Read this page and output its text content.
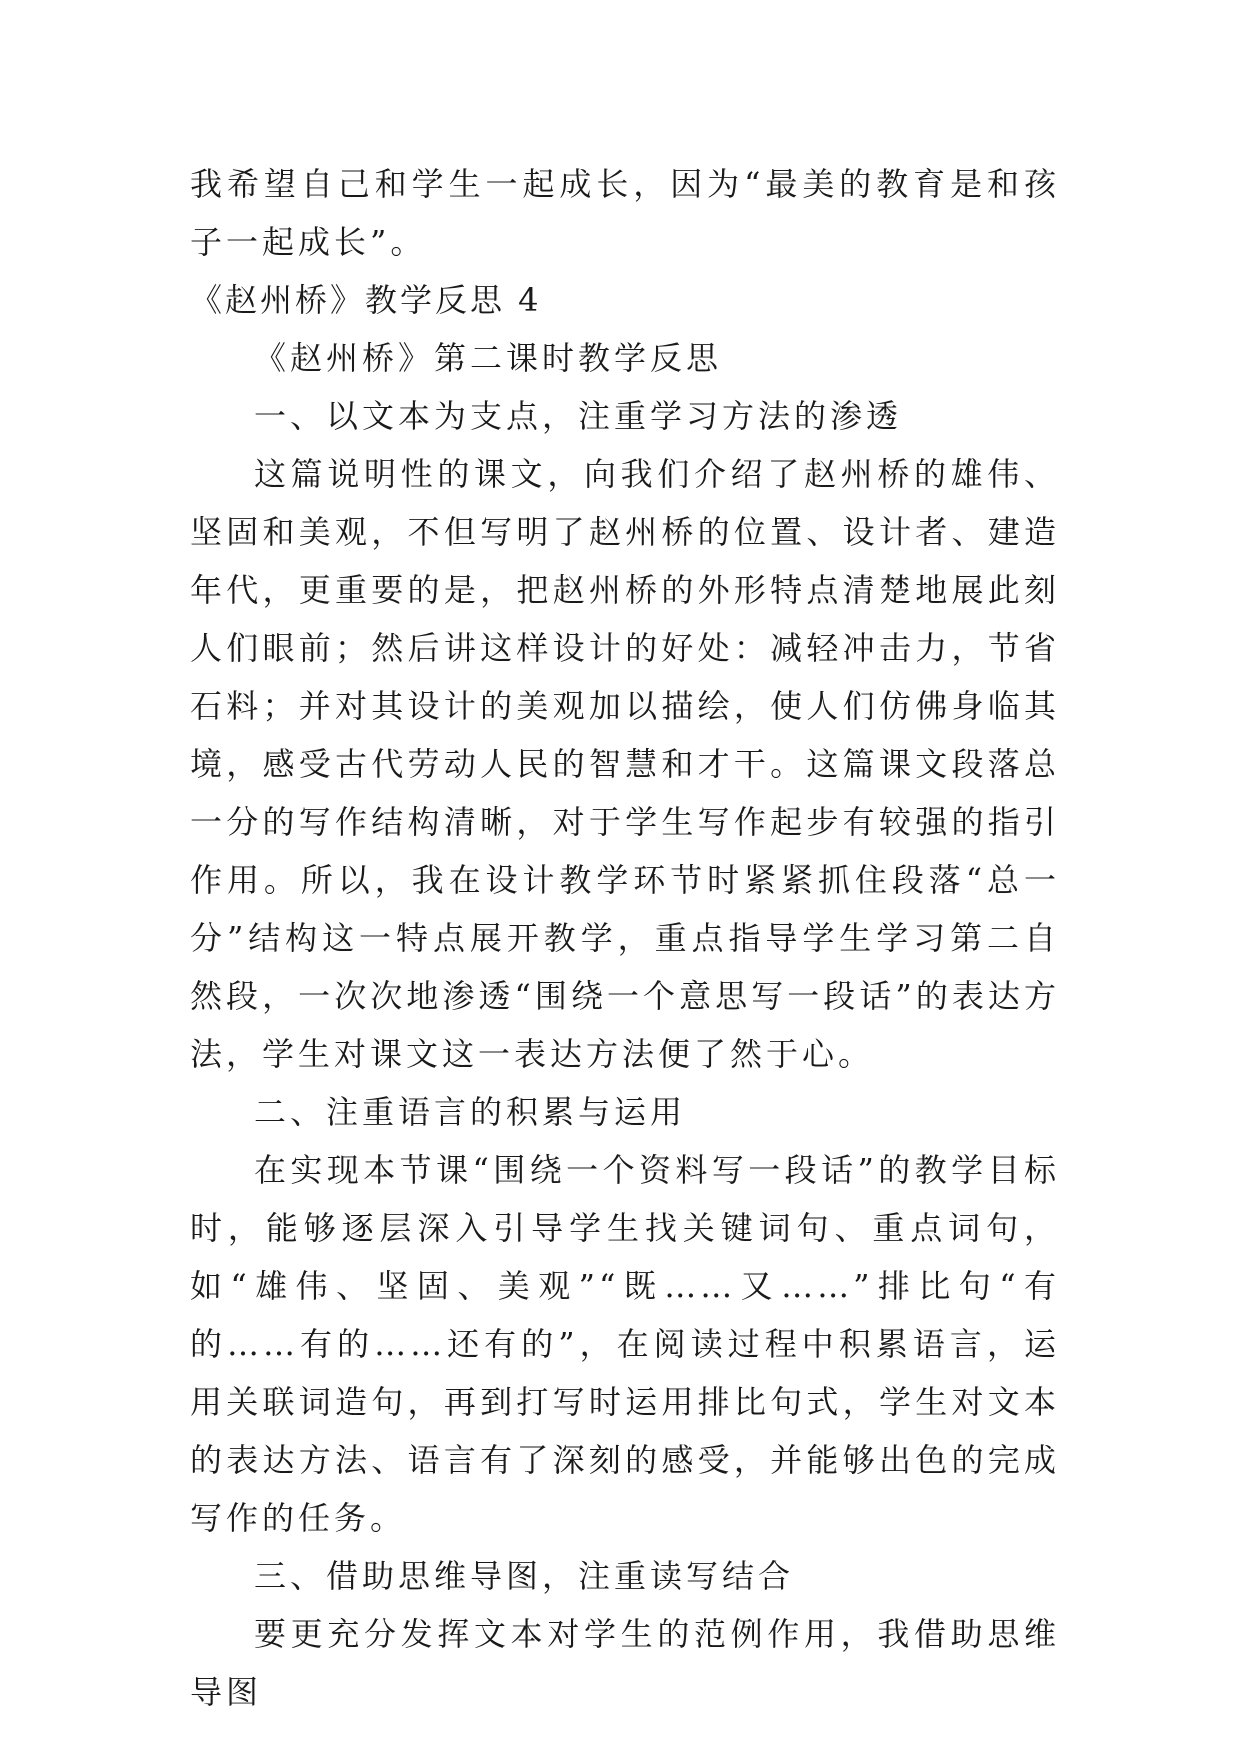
我希望自己和学生一起成长，因为“最美的教育是和孩子一起成长”。

《赵州桥》教学反思 4

《赵州桥》第二课时教学反思

一、以文本为支点，注重学习方法的渗透

这篇说明性的课文，向我们介绍了赵州桥的雄伟、坚固和美观，不但写明了赵州桥的位置、设计者、建造年代，更重要的是，把赵州桥的外形特点清楚地展此刻人们眼前；然后讲这样设计的好处：减轻冲击力，节省石料；并对其设计的美观加以描绘，使人们仿佛身临其境，感受古代劳动人民的智慧和才干。这篇课文段落总一分的写作结构清晰，对于学生写作起步有较强的指引作用。所以，我在设计教学环节时紧紧抓住段落“总一分”结构这一特点展开教学，重点指导学生学习第二自然段，一次次地渗透“围绕一个意思写一段话”的表达方法，学生对课文这一表达方法便了然于心。

二、注重语言的积累与运用

在实现本节课“围绕一个资料写一段话”的教学目标时，能够逐层深入引导学生找关键词句、重点词句，如“雄伟、坚固、美观”“既……又……”排比句“有的……有的……还有的”，在阅读过程中积累语言，运用关联词造句，再到打写时运用排比句式，学生对文本的表达方法、语言有了深刻的感受，并能够出色的完成写作的任务。

三、借助思维导图，注重读写结合

要更充分发挥文本对学生的范例作用，我借助思维导图
